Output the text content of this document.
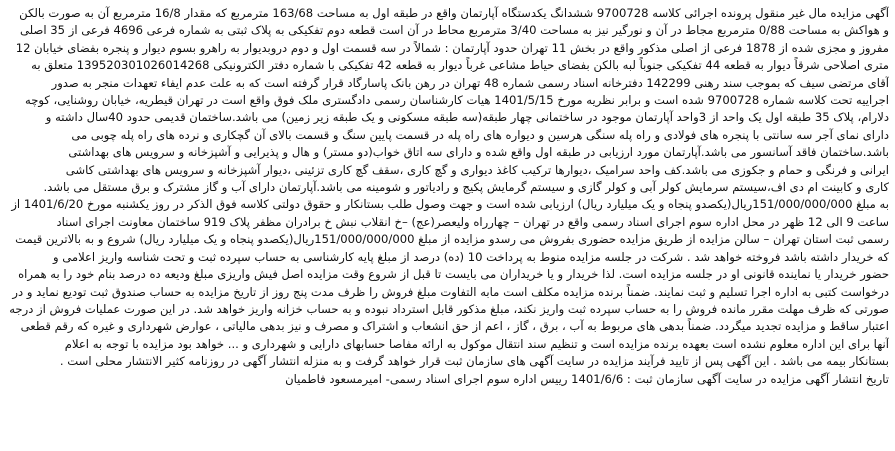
آگهی مزایده مال غیر منقول پرونده اجرائی کلاسه 9700728 ششدانگ یکدستگاه آپارتمان واقع در طبقه اول به مساحت 163/68 مترمربع که مقدار 16/8 مترمربع آن به صورت بالکن
و هواکش به مساحت 0/88 مترمربع مجاط در آن و نورگیر نیز به مساحت 3/40 مترمربع محاط در آن است قطعه دوم تفکیکی به پلاک ثبتی به شماره فرعی 4696 فرعی از 35 اصلی
مفروز و مجزی شده از 1878 فرعی از اصلی مذکور واقع در بخش 11 تهران حدود آپارتمان : شمالاً در سه قسمت اول و دوم دروبدیوار به راهرو بسوم دیوار و پنجره بفضای خیابان 12
متری اصلاحی شرقاً دیوار به قطعه 44 تفکیکی جنوباً لبه بالکن بفضای حیاط مشاعی غرباً دیوار به قطعه 42 تفکیکی با شماره دفتر الکترونیکی 139520301026014268 متعلق به
آقای مرتضی سیف که بموجب سند رهنی 142299 دفترخانه اسناد رسمی شماره 48 تهران در رهن بانک پاسارگاد قرار گرفته است که به علت عدم ایفاء تعهدات منجر به صدور
اجراییه تحت کلاسه شماره 9700728 شده است و برابر نظریه مورخ 1401/5/15 هیات کارشناسان رسمی دادگستری ملک فوق واقع است در تهران قیطریه، خیابان روشنایی، کوچه
دلارام، پلاک 35 طبقه اول یک واحد از 3واحد آپارتمان موجود در ساختمانی چهار طبقه(سه طبقه مسکونی و یک طبقه زیر زمین) می باشد.ساختمان قدیمی حدود 40سال داشته و
دارای نمای آجر سه سانتی با پنجره های فولادی و راه پله سنگی هرسین و دیواره های راه پله در قسمت پایین سنگ و قسمت بالای آن گچکاری و نرده های راه پله چوبی می
باشد.ساختمان فاقد آسانسور می باشد.آپارتمان مورد ارزیابی در طبقه اول واقع شده و دارای سه اتاق خواب(دو مستر) و هال و پذیرایی و آشپزخانه و سرویس های بهداشتی
ایرانی و فرنگی و حمام و جکوزی می باشد.کف واحد سرامیک ،دیوارها ترکیب کاغذ دیواری و گچ کاری ،سقف گچ کاری تزئینی ،دیوار آشپزخانه و سرویس های بهداشتی کاشی
کاری و کابینت ام دی اف،سیستم سرمایش کولر آبی و کولر گازی و سیستم گرمایش پکیج و رادیاتور و شومینه می باشد.آپارتمان دارای آب و گاز مشترک و برق مستقل می باشد.
به مبلغ 151/000/000/000ریال(یکصدو پنجاه و یک میلیارد ریال) ارزیابی شده است و جهت وصول طلب بستانکار و حقوق دولتی کلاسه فوق الذکر در روز یکشنبه مورخ 1401/6/20 از
ساعت 9 الی 12 ظهر در محل اداره سوم اجرای اسناد رسمی واقع در تهران – چهارراه ولیعصر(عج) –خ انقلاب نبش خ برادران مظفر پلاک 919 ساختمان معاونت اجرای اسناد
رسمی ثبت استان تهران – سالن مزایده از طریق مزایده حضوری بفروش می رسدو مزایده از مبلغ 151/000/000/000ریال(یکصدو پنجاه و یک میلیارد ریال) شروع و به بالاترین قیمت
که خریدار داشته باشد فروخته خواهد شد . شرکت در جلسه مزایده منوط به پرداخت 10 (ده) درصد از مبلغ پایه کارشناسی به حساب سپرده ثبت و تحت شناسه واریز اعلامی و
حضور خریدار یا نماینده قانونی او در جلسه مزایده است. لذا خریدار و یا خریداران می بایست تا قبل از شروع وقت مزایده اصل فیش واریزی مبلغ ودیعه ده درصد بنام خود را به همراه
درخواست کتبی به اداره اجرا تسلیم و ثبت نمایند. ضمناً برنده مزایده مکلف است مابه التفاوت مبلغ فروش را ظرف مدت پنج روز از تاریخ مزایده به حساب صندوق ثبت تودیع نماید و در
صورتی که ظرف مهلت مقرر مانده فروش را به حساب سپرده ثبت واریز نکند، مبلغ مذکور قابل استرداد نبوده و به حساب خزانه واریز خواهد شد. در این صورت عملیات فروش از درجه
اعتبار ساقط و مزایده تجدید میگردد. ضمناً بدهی های مربوط به آب ، برق ، گاز ، اعم از حق انشعاب و اشتراک و مصرف و نیز بدهی مالیاتی ، عوارض شهرداری و غیره که رقم قطعی
آنها برای این اداره معلوم نشده است بعهده برنده مزایده است و تنظیم سند انتقال موکول به ارائه مفاصا حسابهای دارایی و شهرداری و ... خواهد بود مزایده با توجه به اعلام
بستانکار بیمه می باشد . این آگهی پس از تایید فرآیند مزایده در سایت آگهی های سازمان ثبت قرار خواهد گرفت و به منزله انتشار آگهی در روزنامه کثیر الانتشار محلی است .
تاریخ انتشار آگهی مزایده در سایت آگهی سازمان ثبت : 1401/6/6 رییس اداره سوم اجرای اسناد رسمی- امیرمسعود فاطمیان
